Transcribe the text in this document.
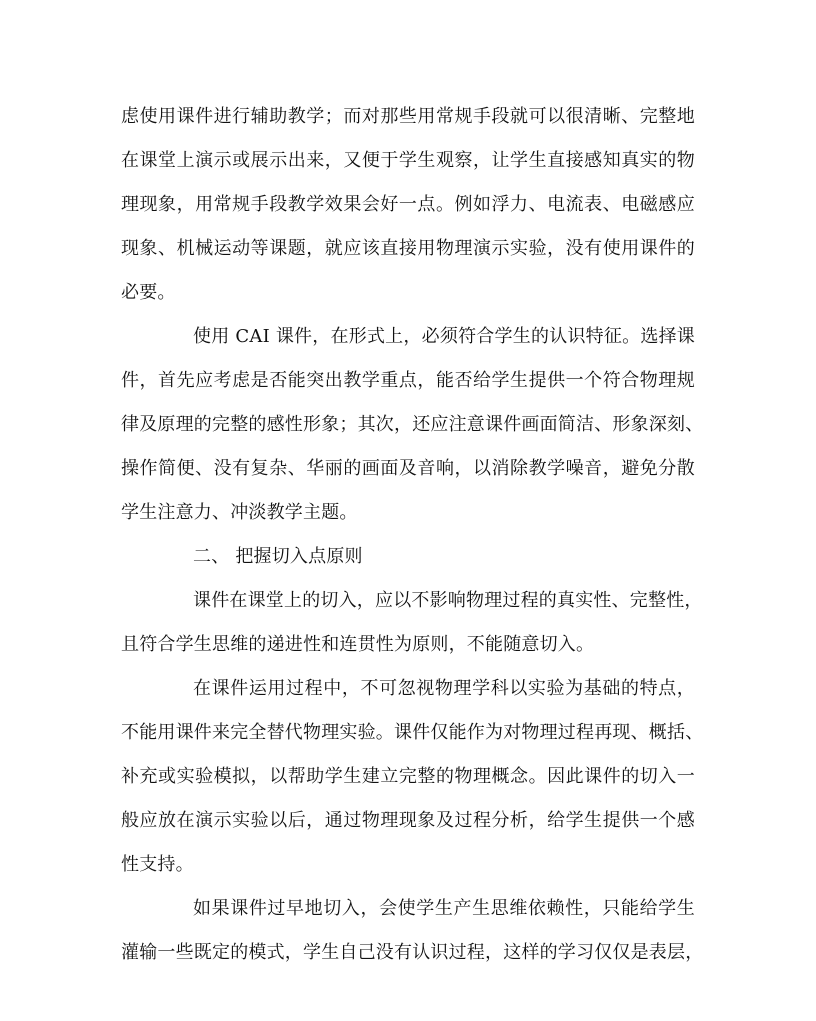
虑使用课件进行辅助教学；而对那些用常规手段就可以很清晰、完整地
在课堂上演示或展示出来，又便于学生观察，让学生直接感知真实的物
理现象，用常规手段教学效果会好一点。例如浮力、电流表、电磁感应
现象、机械运动等课题，就应该直接用物理演示实验，没有使用课件的
必要。
使用 CAI 课件，在形式上，必须符合学生的认识特征。选择课
件，首先应考虑是否能突出教学重点，能否给学生提供一个符合物理规
律及原理的完整的感性形象；其次，还应注意课件画面简洁、形象深刻、
操作简便、没有复杂、华丽的画面及音响，以消除教学噪音，避免分散
学生注意力、冲淡教学主题。
二、 把握切入点原则
课件在课堂上的切入，应以不影响物理过程的真实性、完整性，
且符合学生思维的递进性和连贯性为原则，不能随意切入。
在课件运用过程中，不可忽视物理学科以实验为基础的特点，
不能用课件来完全替代物理实验。课件仅能作为对物理过程再现、概括、
补充或实验模拟，以帮助学生建立完整的物理概念。因此课件的切入一
般应放在演示实验以后，通过物理现象及过程分析，给学生提供一个感
性支持。
如果课件过早地切入，会使学生产生思维依赖性，只能给学生
灌输一些既定的模式，学生自己没有认识过程，这样的学习仅仅是表层，
